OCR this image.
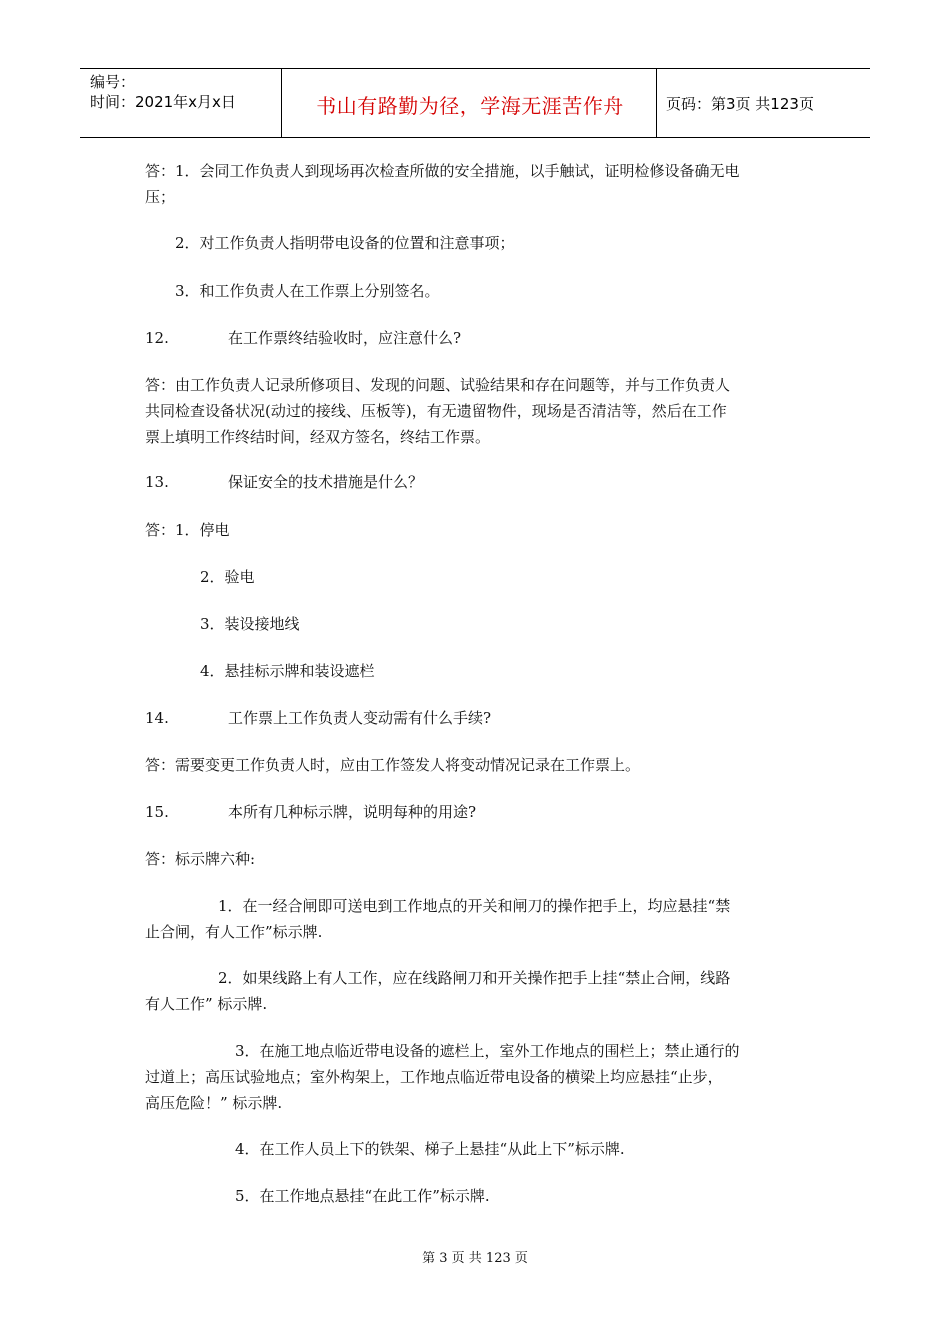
编号：
时间：2021年x月x日	书山有路勤为径，学海无涯苦作舟	页码：第3页 共123页
答：1．会同工作负责人到现场再次检查所做的安全措施，以手触试，证明检修设备确无电
压；
2．对工作负责人指明带电设备的位置和注意事项；
3．和工作负责人在工作票上分别签名。
12.	在工作票终结验收时，应注意什么?
答：由工作负责人记录所修项目、发现的问题、试验结果和存在问题等，并与工作负责人
共同检查设备状况(动过的接线、压板等)，有无遗留物件，现场是否清洁等，然后在工作
票上填明工作终结时间，经双方签名，终结工作票。
13.	保证安全的技术措施是什么？
答：1．停电
2．验电
3．装设接地线
4．悬挂标示牌和装设遮栏
14.	工作票上工作负责人变动需有什么手续?
答：需要变更工作负责人时，应由工作签发人将变动情况记录在工作票上。
15.	本所有几种标示牌，说明每种的用途?
答：标示牌六种:
1．在一经合闸即可送电到工作地点的开关和闸刀的操作把手上，均应悬挂“禁
止合闸，有人工作”标示牌.
2．如果线路上有人工作，应在线路闸刀和开关操作把手上挂“禁止合闸，线路
有人工作” 标示牌.
3．在施工地点临近带电设备的遮栏上，室外工作地点的围栏上；禁止通行的
过道上；高压试验地点；室外构架上，工作地点临近带电设备的横梁上均应悬挂“止步，
高压危险！” 标示牌.
4．在工作人员上下的铁架、梯子上悬挂“从此上下”标示牌.
5．在工作地点悬挂“在此工作”标示牌.
第 3 页 共 123 页
